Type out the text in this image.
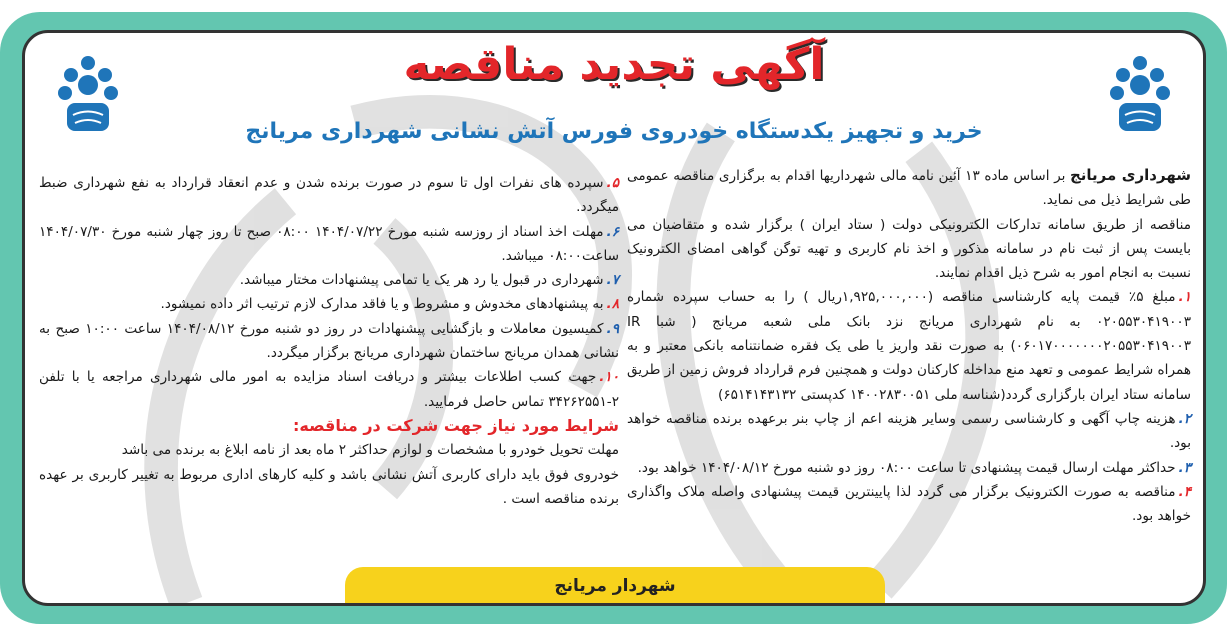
آگهی تجدید مناقصه
خرید و تجهیز یکدستگاه خودروی فورس آتش نشانی شهرداری مریانج

شهرداری مریانج بر اساس ماده ۱۳ آئین نامه مالی شهرداریها اقدام به برگزاری مناقصه عمومی طی شرایط ذیل می نماید.

مناقصه از طریق سامانه تدارکات الکترونیکی دولت ( ستاد ایران ) برگزار شده و متقاضیان می بایست پس از ثبت نام در سامانه مذکور و اخذ نام کاربری و تهیه توگن گواهی امضای الکترونیک نسبت به انجام امور به شرح ذیل اقدام نمایند.

۱.مبلغ ۵٪ قیمت پایه کارشناسی مناقصه (۱,۹۲۵,۰۰۰,۰۰۰ریال ) را به حساب سپرده شماره ۰۲۰۵۵۳۰۴۱۹۰۰۳ به نام شهرداری مریانج نزد بانک ملی شعبه مریانج ( شبا IR ۰۶۰۱۷۰۰۰۰۰۰۰۲۰۵۵۳۰۴۱۹۰۰۳) به صورت نقد واریز یا طی یک فقره ضمانتنامه بانکی معتبر و به همراه شرایط عمومی و تعهد منع مداخله کارکنان دولت و همچنین فرم قرارداد فروش زمین از طریق سامانه ستاد ایران بارگزاری گردد(شناسه ملی ۱۴۰۰۲۸۳۰۰۵۱ کدپستی ۶۵۱۴۱۴۳۱۳۲)

۲.هزینه چاپ آگهی و کارشناسی رسمی وسایر هزینه اعم از چاپ بنر برعهده برنده مناقصه خواهد بود.

۳.حداکثر مهلت ارسال قیمت پیشنهادی تا ساعت ۰۸:۰۰ روز دو شنبه مورخ ۱۴۰۴/۰۸/۱۲ خواهد بود.

۴.مناقصه به صورت الکترونیک برگزار می گردد لذا پایینترین قیمت پیشنهادی واصله ملاک واگذاری خواهد بود.

۵.سپرده های نفرات اول تا سوم در صورت برنده شدن و عدم انعقاد قرارداد به نفع شهرداری ضبط میگردد.

۶.مهلت اخذ اسناد از روزسه شنبه مورخ ۱۴۰۴/۰۷/۲۲ ۰۸:۰۰ صبح تا روز چهار شنبه مورخ ۱۴۰۴/۰۷/۳۰ ساعت۰۸:۰۰ میباشد.

۷.شهرداری در قبول یا رد هر یک یا تمامی پیشنهادات مختار میباشد.

۸.به پیشنهادهای مخدوش و مشروط و یا فاقد مدارک لازم ترتیب اثر داده نمیشود.

۹.کمیسیون معاملات و بازگشایی پیشنهادات در روز دو شنبه مورخ ۱۴۰۴/۰۸/۱۲ ساعت ۱۰:۰۰ صبح به نشانی همدان مریانج ساختمان شهرداری مریانج برگزار میگردد.

۱۰.جهت کسب اطلاعات بیشتر و دریافت اسناد مزایده به امور مالی شهرداری مراجعه یا با تلفن ۲-۳۴۲۶۲۵۵۱ تماس حاصل فرمایید.

شرایط مورد نیاز جهت شرکت در مناقصه:

مهلت تحویل خودرو با مشخصات و لوازم حداکثر ۲ ماه بعد از نامه ابلاغ به برنده می باشد

خودروی فوق باید دارای کاربری آتش نشانی باشد و کلیه کارهای اداری مربوط به تغییر کاربری بر عهده برنده مناقصه است .

شهردار مریانج
